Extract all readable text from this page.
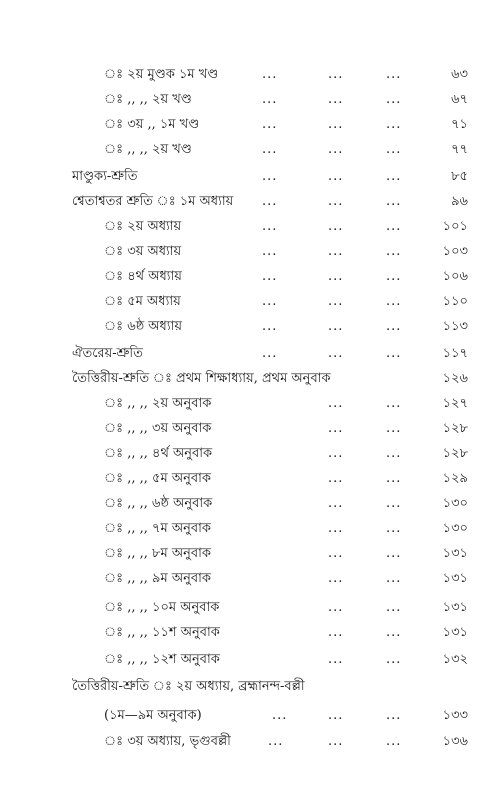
ঃ ২য় মুণ্ডক ১ম খণ্ড	...	...	...	৬৩
ঃ ,, ,, ২য় খণ্ড	...	...	...	৬৭
ঃ ৩য় ,, ১ম খণ্ড	...	...	...	৭১
ঃ ,, ,, ২য় খণ্ড	...	...	...	৭৭
মাণ্ডুক্য-শ্রুতি	...	...	...	৮৫
শ্বেতাশ্বতর শ্রুতি ঃ ১ম অধ্যায় ...	...	...	৯৬
ঃ ২য় অধ্যায়	...	...	...	১০১
ঃ ৩য় অধ্যায়	...	...	...	১০৩
ঃ ৪র্থ অধ্যায়	...	...	...	১০৬
ঃ ৫ম অধ্যায়	...	...	...	১১০
ঃ ৬ষ্ঠ অধ্যায়	...	...	...	১১৩
ঐতরেয়-শ্রুতি	...	...	...	১১৭
তৈত্তিরীয়-শ্রুতি ঃ প্রথম শিক্ষাধ্যায়, প্রথম অনুবাক	১২৬
ঃ ,, ,, ২য় অনুবাক	...	...	১২৭
ঃ ,, ,, ৩য় অনুবাক	...	...	১২৮
ঃ ,, ,, ৪র্থ অনুবাক	...	...	১২৮
ঃ ,, ,, ৫ম অনুবাক	...	...	১২৯
ঃ ,, ,, ৬ষ্ঠ অনুবাক	...	...	১৩০
ঃ ,, ,, ৭ম অনুবাক	...	...	১৩০
ঃ ,, ,, ৮ম অনুবাক	...	...	১৩১
ঃ ,, ,, ৯ম অনুবাক	...	...	১৩১
ঃ ,, ,, ১০ম অনুবাক	...	...	১৩১
ঃ ,, ,, ১১শ অনুবাক	...	...	১৩১
ঃ ,, ,, ১২শ অনুবাক	...	...	১৩২
তৈত্তিরীয়-শ্রুতি ঃ ২য় অধ্যায়, ব্রহ্মানন্দ-বল্লী
(১ম—৯ম অনুবাক)	...	...	...	১৩৩
ঃ ৩য় অধ্যায়, ভৃগুবল্লী	...	...	...	১৩৬
